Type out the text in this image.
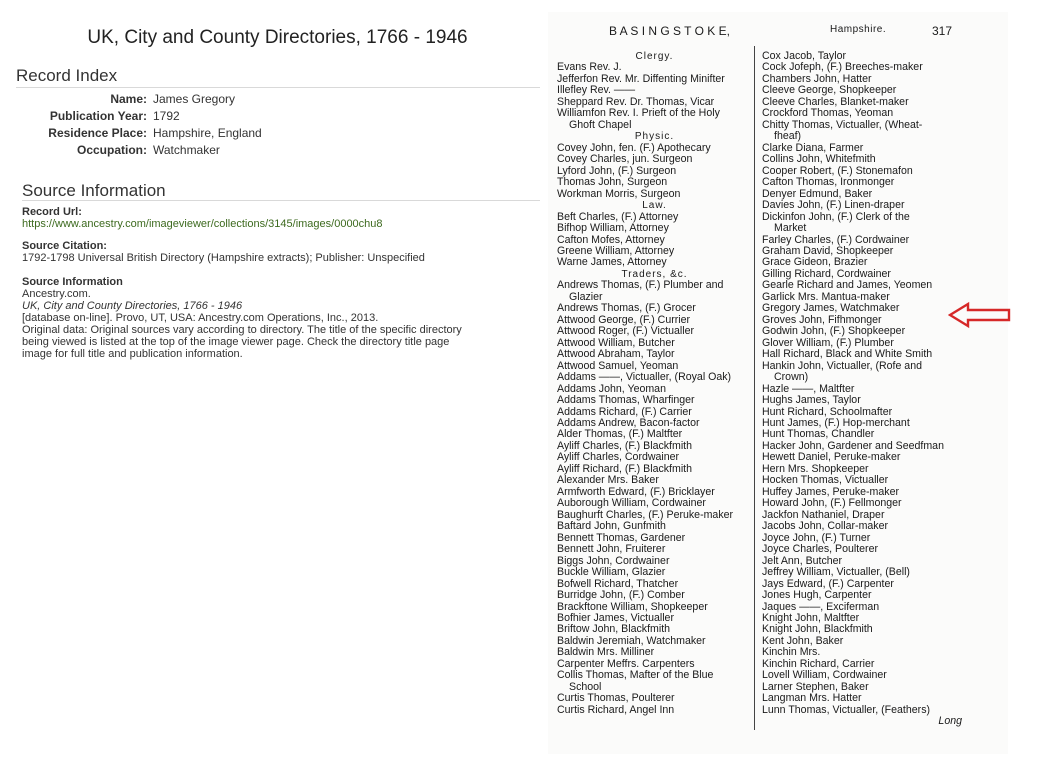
UK, City and County Directories, 1766 - 1946
Record Index
Name: James Gregory
Publication Year: 1792
Residence Place: Hampshire, England
Occupation: Watchmaker
Source Information
Record Url:
https://www.ancestry.com/imageviewer/collections/3145/images/0000chu8
Source Citation:
1792-1798 Universal British Directory (Hampshire extracts); Publisher: Unspecified
Source Information
Ancestry.com.
UK, City and County Directories, 1766 - 1946
[database on-line]. Provo, UT, USA: Ancestry.com Operations, Inc., 2013.
Original data: Original sources vary according to directory. The title of the specific directory
being viewed is listed at the top of the image viewer page. Check the directory title page
image for full title and publication information.
B A S I N G S T O K E,	Hampshire.	317
Clergy.
Evans Rev. J.
Jefferfon Rev. Mr. Diffenting Minifter
Illefley Rev. ——
Sheppard Rev. Dr. Thomas, Vicar
Williamfon Rev. I. Prieft of the Holy
Ghoft Chapel
Physic.
Covey John, fen. (F.) Apothecary
Covey Charles, jun. Surgeon
Lyford John, (F.) Surgeon
Thomas John, Surgeon
Workman Morris, Surgeon
Law.
Beft Charles, (F.) Attorney
Bifhop William, Attorney
Cafton Mofes, Attorney
Greene William, Attorney
Warne James, Attorney
Traders, &c.
Andrews Thomas, (F.) Plumber and
Glazier
Andrews Thomas, (F.) Grocer
Attwood George, (F.) Currier
Attwood Roger, (F.) Victualler
Attwood William, Butcher
Attwood Abraham, Taylor
Attwood Samuel, Yeoman
Addams ——, Victualler, (Royal Oak)
Addams John, Yeoman
Addams Thomas, Wharfinger
Addams Richard, (F.) Carrier
Addams Andrew, Bacon-factor
Alder Thomas, (F.) Maltfter
Ayliff Charles, (F.) Blackfmith
Ayliff Charles, Cordwainer
Ayliff Richard, (F.) Blackfmith
Alexander Mrs. Baker
Armfworth Edward, (F.) Bricklayer
Auborough William, Cordwainer
Baughurft Charles, (F.) Peruke-maker
Baftard John, Gunfmith
Bennett Thomas, Gardener
Bennett John, Fruiterer
Biggs John, Cordwainer
Buckle William, Glazier
Bofwell Richard, Thatcher
Burridge John, (F.) Comber
Brackftone William, Shopkeeper
Bofhier James, Victualler
Briftow John, Blackfmith
Baldwin Jeremiah, Watchmaker
Baldwin Mrs. Milliner
Carpenter Meffrs. Carpenters
Collis Thomas, Mafter of the Blue
School
Curtis Thomas, Poulterer
Curtis Richard, Angel Inn
Cox Jacob, Taylor
Cock Jofeph, (F.) Breeches-maker
Chambers John, Hatter
Cleeve George, Shopkeeper
Cleeve Charles, Blanket-maker
Crockford Thomas, Yeoman
Chitty Thomas, Victualler, (Wheat-
fheaf)
Clarke Diana, Farmer
Collins John, Whitefmith
Cooper Robert, (F.) Stonemafon
Cafton Thomas, Ironmonger
Denyer Edmund, Baker
Davies John, (F.) Linen-draper
Dickinfon John, (F.) Clerk of the
Market
Farley Charles, (F.) Cordwainer
Graham David, Shopkeeper
Grace Gideon, Brazier
Gilling Richard, Cordwainer
Gearle Richard and James, Yeomen
Garlick Mrs. Mantua-maker
Gregory James, Watchmaker
Groves John, Fifhmonger
Godwin John, (F.) Shopkeeper
Glover William, (F.) Plumber
Hall Richard, Black and White Smith
Hankin John, Victualler, (Rofe and
Crown)
Hazle ——, Maltfter
Hughs James, Taylor
Hunt Richard, Schoolmafter
Hunt James, (F.) Hop-merchant
Hunt Thomas, Chandler
Hacker John, Gardener and Seedfman
Hewett Daniel, Peruke-maker
Hern Mrs. Shopkeeper
Hocken Thomas, Victualler
Huffey James, Peruke-maker
Howard John, (F.) Fellmonger
Jackfon Nathaniel, Draper
Jacobs John, Collar-maker
Joyce John, (F.) Turner
Joyce Charles, Poulterer
Jelt Ann, Butcher
Jeffrey William, Victualler, (Bell)
Jays Edward, (F.) Carpenter
Jones Hugh, Carpenter
Jaques ——, Exciferman
Knight John, Maltfter
Knight John, Blackfmith
Kent John, Baker
Kinchin Mrs.
Kinchin Richard, Carrier
Lovell William, Cordwainer
Larner Stephen, Baker
Langman Mrs. Hatter
Lunn Thomas, Victualler, (Feathers)
Long
